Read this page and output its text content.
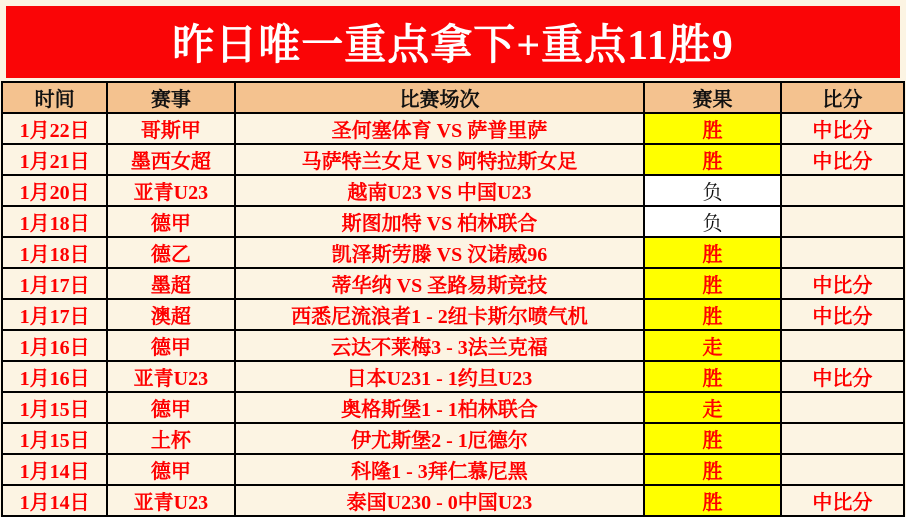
昨日唯一重点拿下+重点11胜9
时间	赛事	比赛场次	赛果	比分
1月22日	哥斯甲	圣何塞体育 VS 萨普里萨	胜	中比分
1月21日	墨西女超	马萨特兰女足 VS 阿特拉斯女足	胜	中比分
1月20日	亚青U23	越南U23 VS 中国U23	负	
1月18日	德甲	斯图加特 VS 柏林联合	负	
1月18日	德乙	凯泽斯劳滕 VS 汉诺威96	胜	
1月17日	墨超	蒂华纳 VS 圣路易斯竞技	胜	中比分
1月17日	澳超	西悉尼流浪者1 - 2纽卡斯尔喷气机	胜	中比分
1月16日	德甲	云达不莱梅3 - 3法兰克福	走	
1月16日	亚青U23	日本U231 - 1约旦U23	胜	中比分
1月15日	德甲	奥格斯堡1 - 1柏林联合	走	
1月15日	土杯	伊尤斯堡2 - 1厄德尔	胜	
1月14日	德甲	科隆1 - 3拜仁慕尼黑	胜	
1月14日	亚青U23	泰国U230 - 0中国U23	胜	中比分
